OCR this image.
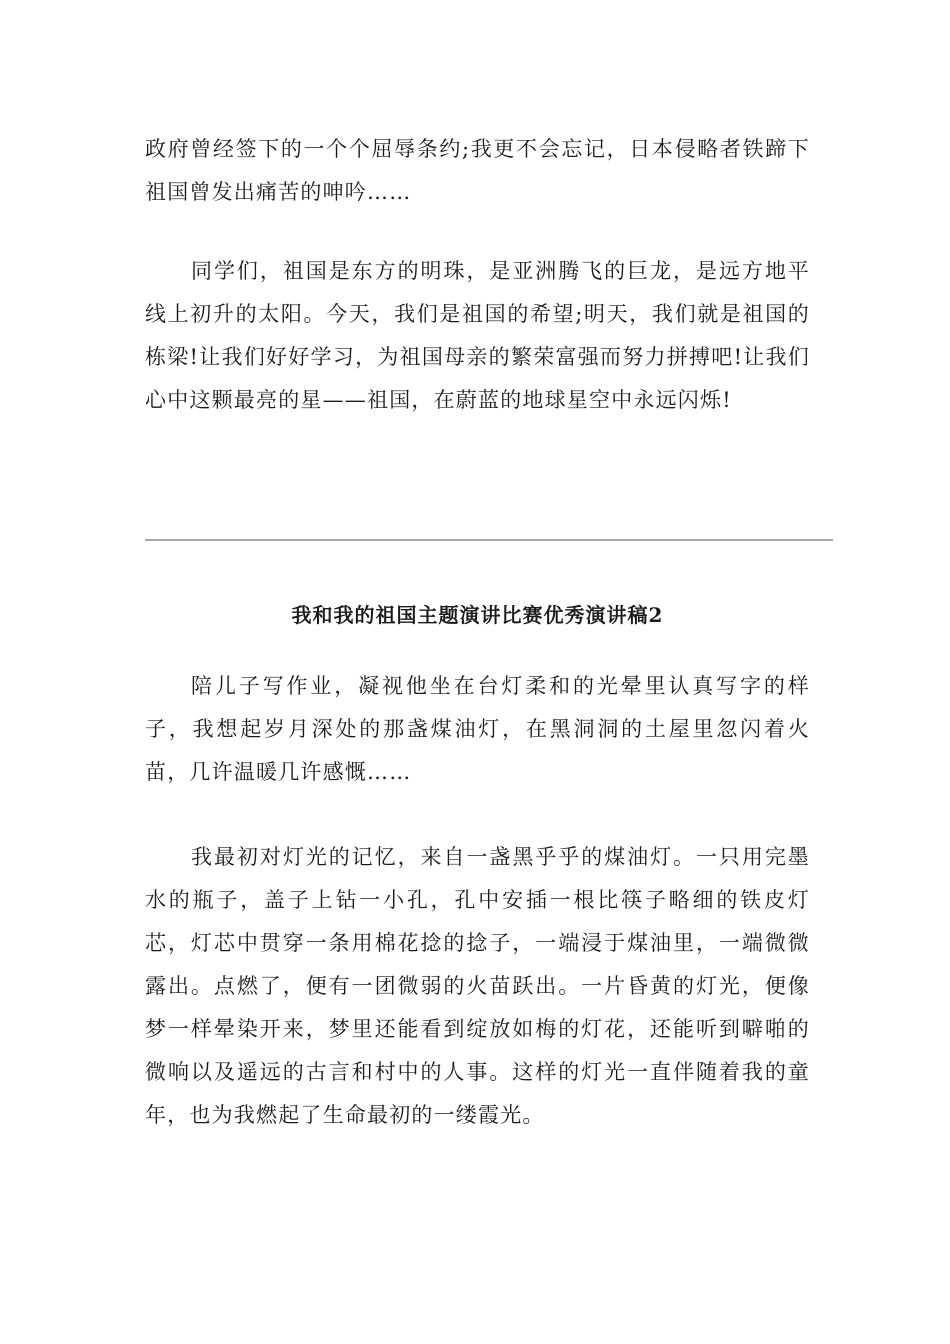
政府曾经签下的一个个屈辱条约;我更不会忘记，日本侵略者铁蹄下祖国曾发出痛苦的呻吟……

同学们，祖国是东方的明珠，是亚洲腾飞的巨龙，是远方地平线上初升的太阳。今天，我们是祖国的希望;明天，我们就是祖国的栋梁!让我们好好学习，为祖国母亲的繁荣富强而努力拼搏吧!让我们心中这颗最亮的星——祖国，在蔚蓝的地球星空中永远闪烁!

我和我的祖国主题演讲比赛优秀演讲稿2

陪儿子写作业，凝视他坐在台灯柔和的光晕里认真写字的样子，我想起岁月深处的那盏煤油灯，在黑洞洞的土屋里忽闪着火苗，几许温暖几许感慨……

我最初对灯光的记忆，来自一盏黑乎乎的煤油灯。一只用完墨水的瓶子，盖子上钻一小孔，孔中安插一根比筷子略细的铁皮灯芯，灯芯中贯穿一条用棉花捻的捻子，一端浸于煤油里，一端微微露出。点燃了，便有一团微弱的火苗跃出。一片昏黄的灯光，便像梦一样晕染开来，梦里还能看到绽放如梅的灯花，还能听到噼啪的微响以及遥远的古言和村中的人事。这样的灯光一直伴随着我的童年，也为我燃起了生命最初的一缕霞光。
